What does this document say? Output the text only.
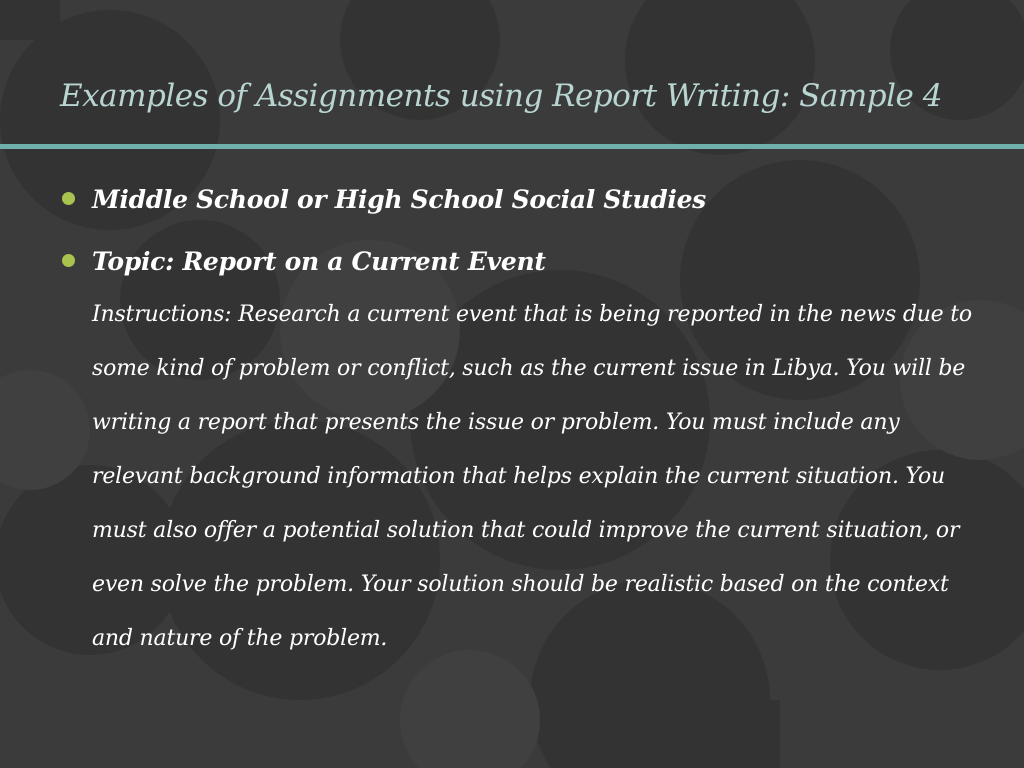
Examples of Assignments using Report Writing: Sample 4
Middle School or High School Social Studies
Topic: Report on a Current Event
Instructions: Research a current event that is being reported in the news due to some kind of problem or conflict, such as the current issue in Libya. You will be writing a report that presents the issue or problem. You must include any relevant background information that helps explain the current situation. You must also offer a potential solution that could improve the current situation, or even solve the problem. Your solution should be realistic based on the context and nature of the problem.
